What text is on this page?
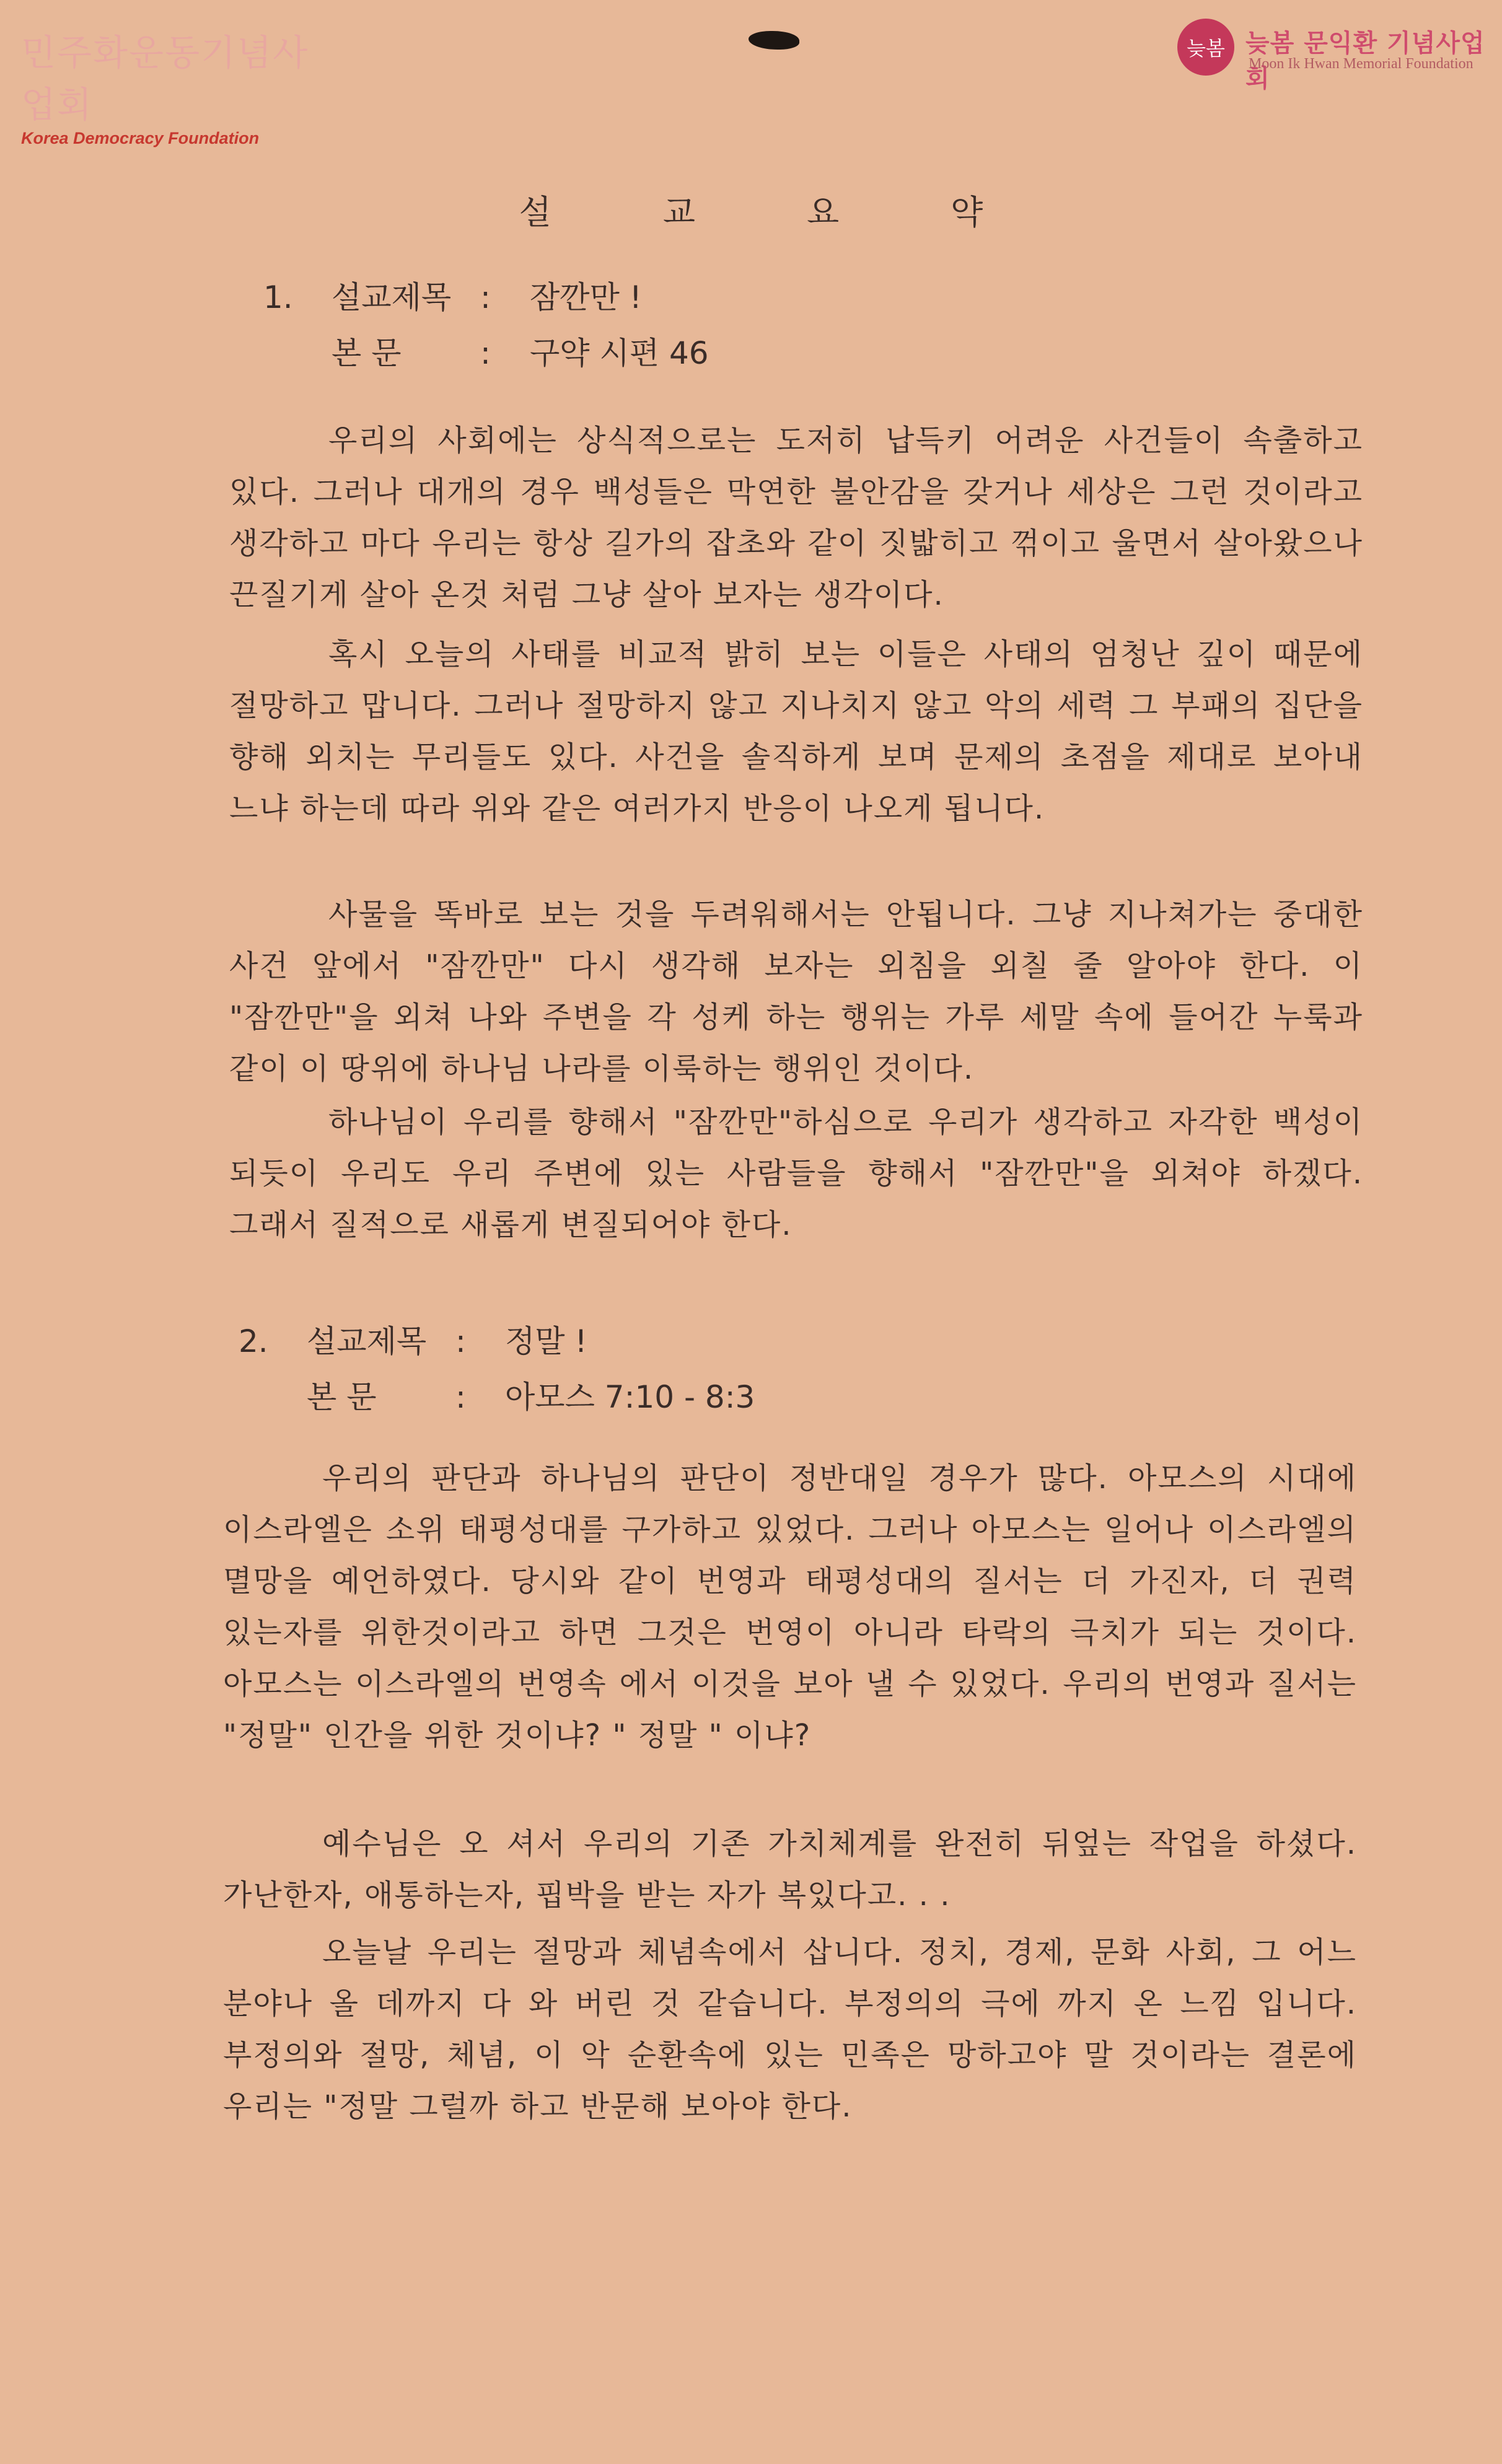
민주화운동기념사업회
Korea Democracy Foundation
늦봄 늦봄 문익환 기념사업회
Moon Ik Hwan Memorial Foundation
설교요약
1. 설교제목 : 잠깐만 !
본 문	: 구약 시편 46
우리의 사회에는 상식적으로는 도저히 납득키 어려운 사건들이 속출하고 있다. 그러나 대개의 경우 백성들은 막연한 불안감을 갖거나 세상은 그런 것이라고 생각하고 마다 우리는 항상 길가의 잡초와 같이 짓밟히고 꺾이고 울면서 살아왔으나 끈질기게 살아 온것 처럼 그냥 살아 보자는 생각이다.
혹시 오늘의 사태를 비교적 밝히 보는 이들은 사태의 엄청난 깊이 때문에 절망하고 맙니다. 그러나 절망하지 않고 지나치지 않고 악의 세력 그 부패의 집단을 향해 외치는 무리들도 있다. 사건을 솔직하게 보며 문제의 초점을 제대로 보아내 느냐 하는데 따라 위와 같은 여러가지 반응이 나오게 됩니다.
사물을 똑바로 보는 것을 두려워해서는 안됩니다. 그냥 지나쳐가는 중대한 사건 앞에서 "잠깐만" 다시 생각해 보자는 외침을 외칠 줄 알아야 한다. 이 "잠깐만"을 외쳐 나와 주변을 각 성케 하는 행위는 가루 세말 속에 들어간 누룩과 같이 이 땅위에 하나님 나라를 이룩하는 행위인 것이다.
하나님이 우리를 향해서 "잠깐만"하심으로 우리가 생각하고 자각한 백성이 되듯이 우리도 우리 주변에 있는 사람들을 향해서 "잠깐만"을 외쳐야 하겠다. 그래서 질적으로 새롭게 변질되어야 한다.
2. 설교제목 : 정말 !
본 문	: 아모스 7:10 - 8:3
우리의 판단과 하나님의 판단이 정반대일 경우가 많다. 아모스의 시대에 이스라엘은 소위 태평성대를 구가하고 있었다. 그러나 아모스는 일어나 이스라엘의 멸망을 예언하였다. 당시와 같이 번영과 태평성대의 질서는 더 가진자, 더 권력 있는자를 위한것이라고 하면 그것은 번영이 아니라 타락의 극치가 되는 것이다. 아모스는 이스라엘의 번영속 에서 이것을 보아 낼 수 있었다. 우리의 번영과 질서는 "정말" 인간을 위한 것이냐? " 정말 " 이냐?
예수님은 오 셔서 우리의 기존 가치체계를 완전히 뒤엎는 작업을 하셨다. 가난한자, 애통하는자, 핍박을 받는 자가 복있다고. . .
오늘날 우리는 절망과 체념속에서 삽니다. 정치, 경제, 문화 사회, 그 어느 분야나 올 데까지 다 와 버린 것 같습니다. 부정의의 극에 까지 온 느낌 입니다. 부정의와 절망, 체념, 이 악 순환속에 있는 민족은 망하고야 말 것이라는 결론에 우리는 "정말 그럴까 하고 반문해 보아야 한다.
